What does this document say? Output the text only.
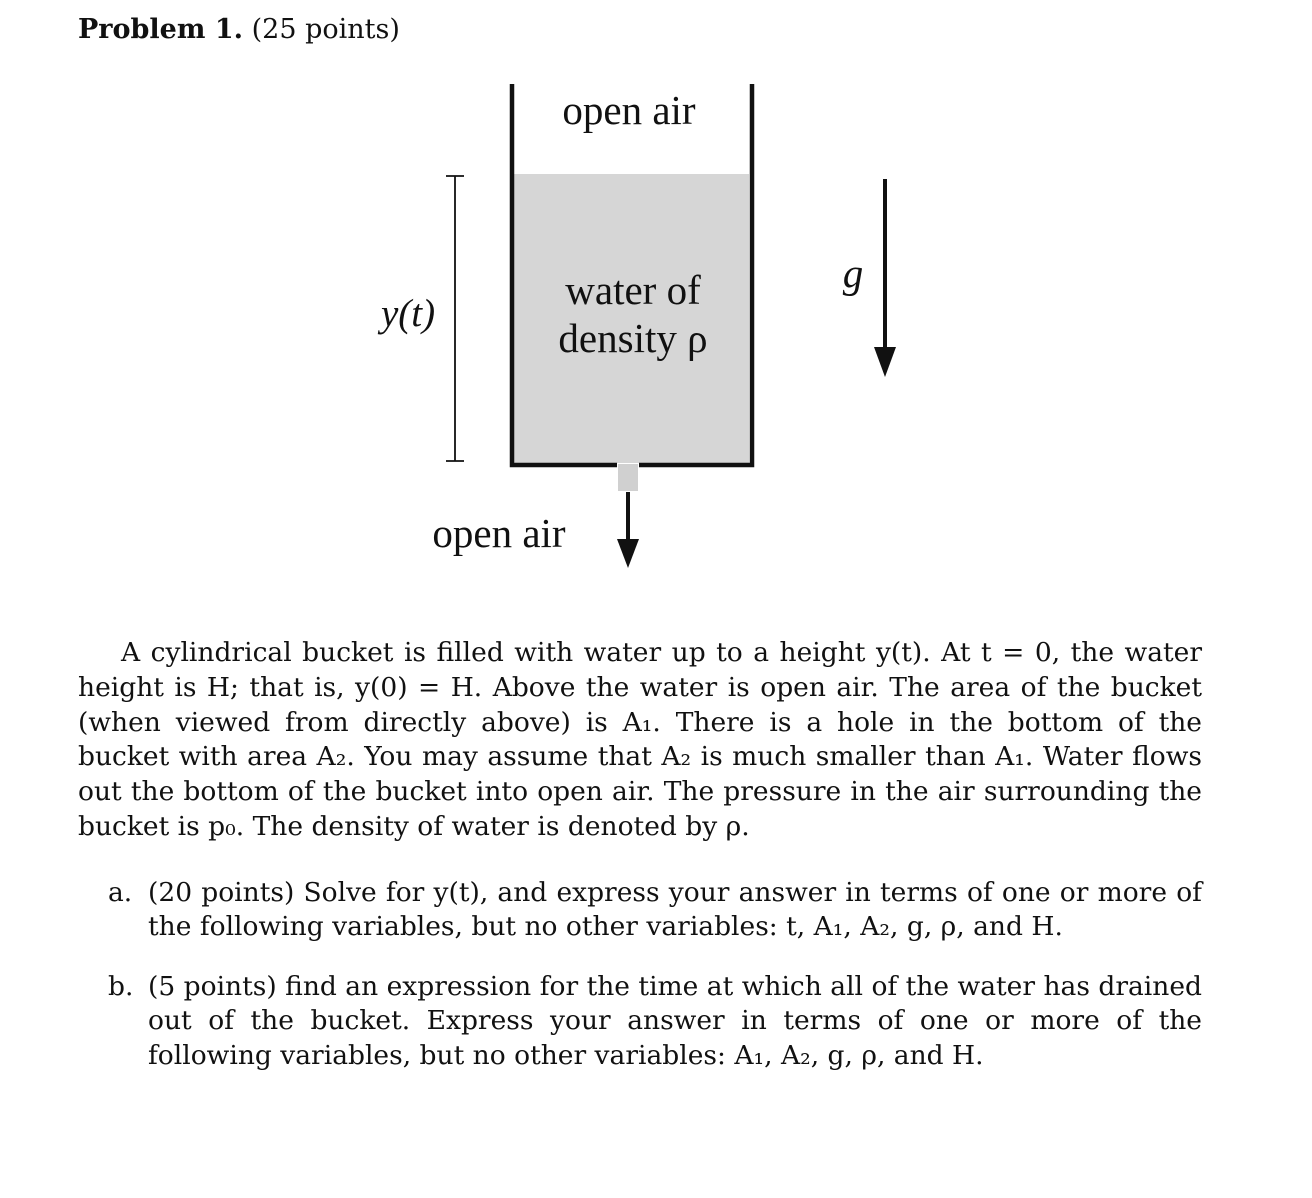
Problem 1. (25 points)
open air
water of
density ρ
y(t)
g
open air
A cylindrical bucket is filled with water up to a height y(t). At t = 0, the water height is H; that is, y(0) = H. Above the water is open air. The area of the bucket (when viewed from directly above) is A₁. There is a hole in the bottom of the bucket with area A₂. You may assume that A₂ is much smaller than A₁. Water flows out the bottom of the bucket into open air. The pressure in the air surrounding the bucket is p₀. The density of water is denoted by ρ.
a. (20 points) Solve for y(t), and express your answer in terms of one or more of the following variables, but no other variables: t, A₁, A₂, g, ρ, and H.
b. (5 points) find an expression for the time at which all of the water has drained out of the bucket. Express your answer in terms of one or more of the following variables, but no other variables: A₁, A₂, g, ρ, and H.
